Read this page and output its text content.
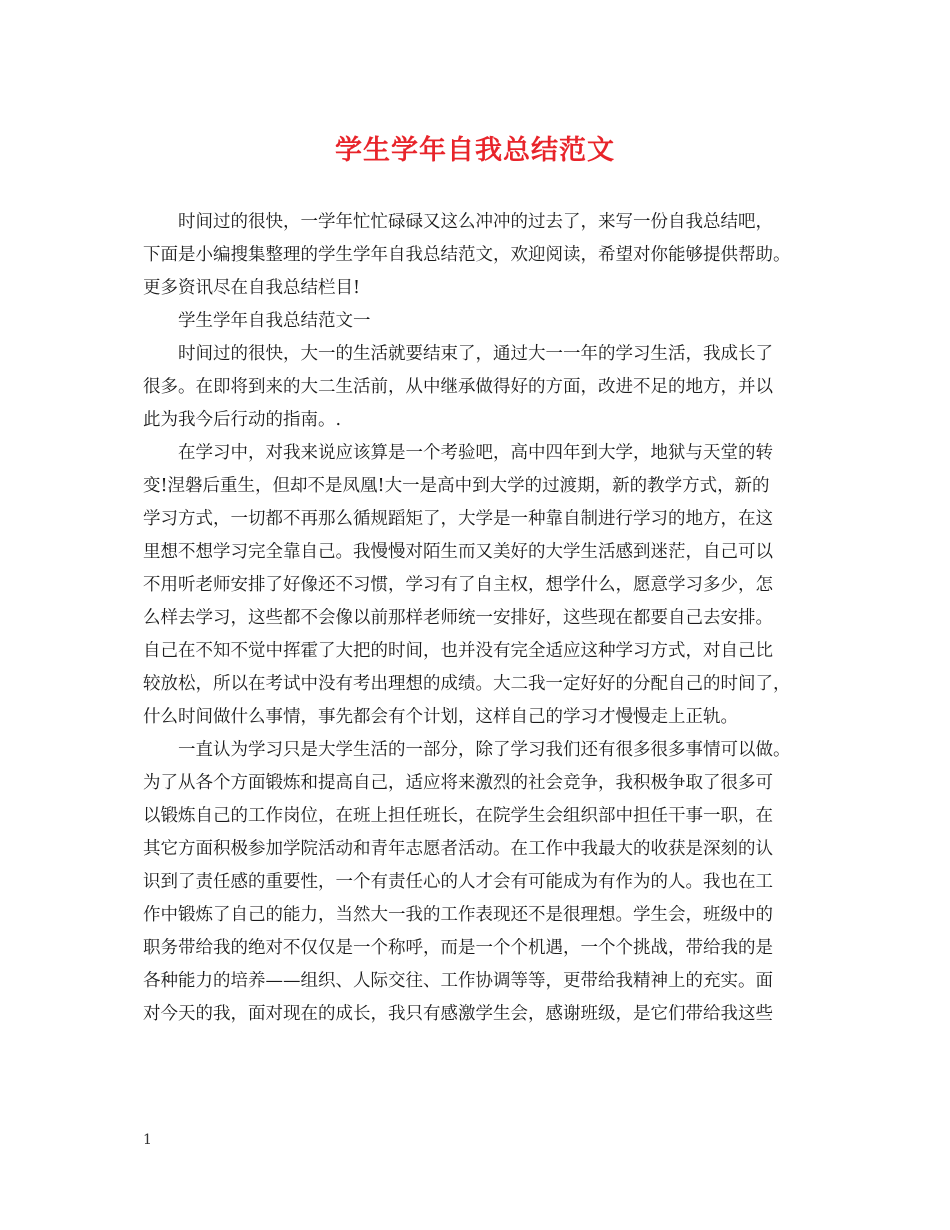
学生学年自我总结范文
时间过的很快，一学年忙忙碌碌又这么冲冲的过去了，来写一份自我总结吧，
下面是小编搜集整理的学生学年自我总结范文，欢迎阅读，希望对你能够提供帮助。
更多资讯尽在自我总结栏目!
学生学年自我总结范文一
时间过的很快，大一的生活就要结束了，通过大一一年的学习生活，我成长了
很多。在即将到来的大二生活前，从中继承做得好的方面，改进不足的地方，并以
此为我今后行动的指南。.
在学习中，对我来说应该算是一个考验吧，高中四年到大学，地狱与天堂的转
变!涅磐后重生，但却不是凤凰!大一是高中到大学的过渡期，新的教学方式，新的
学习方式，一切都不再那么循规蹈矩了，大学是一种靠自制进行学习的地方，在这
里想不想学习完全靠自己。我慢慢对陌生而又美好的大学生活感到迷茫，自己可以
不用听老师安排了好像还不习惯，学习有了自主权，想学什么，愿意学习多少，怎
么样去学习，这些都不会像以前那样老师统一安排好，这些现在都要自己去安排。
自己在不知不觉中挥霍了大把的时间，也并没有完全适应这种学习方式，对自己比
较放松，所以在考试中没有考出理想的成绩。大二我一定好好的分配自己的时间了，
什么时间做什么事情，事先都会有个计划，这样自己的学习才慢慢走上正轨。
一直认为学习只是大学生活的一部分，除了学习我们还有很多很多事情可以做。
为了从各个方面锻炼和提高自己，适应将来激烈的社会竞争，我积极争取了很多可
以锻炼自己的工作岗位，在班上担任班长，在院学生会组织部中担任干事一职，在
其它方面积极参加学院活动和青年志愿者活动。在工作中我最大的收获是深刻的认
识到了责任感的重要性，一个有责任心的人才会有可能成为有作为的人。我也在工
作中锻炼了自己的能力，当然大一我的工作表现还不是很理想。学生会，班级中的
职务带给我的绝对不仅仅是一个称呼，而是一个个机遇，一个个挑战，带给我的是
各种能力的培养——组织、人际交往、工作协调等等，更带给我精神上的充实。面
对今天的我，面对现在的成长，我只有感激学生会，感谢班级，是它们带给我这些
1
